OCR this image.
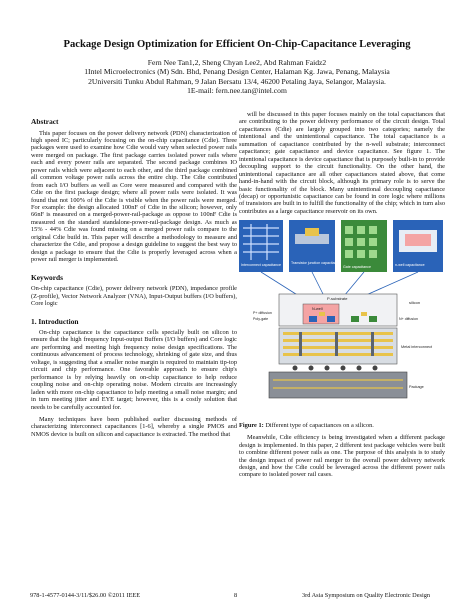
Package Design Optimization for Efficient On-Chip-Capacitance Leveraging
Fern Nee Tan1,2, Sheng Chyan Lee2, Abd Rahman Faidz2
1Intel Microelectronics (M) Sdn. Bhd, Penang Design Center, Halaman Kg. Jawa, Penang, Malaysia
2Universiti Tunku Abdul Rahman, 9 Jalan Bersatu 13/4, 46200 Petaling Jaya, Selangor, Malaysia.
1E-mail: fern.nee.tan@intel.com
Abstract

This paper focuses on the power delivery network (PDN) characterization of high speed IC; particularly focusing on the on-chip capacitance (Cdie). Three packages were used to examine how Cdie would vary when selected power rails were merged on package. The first package carries isolated power rails where each and every power rails are separated. The second package combines IO power rails which were adjacent to each other, and the third package combined all common voltage power rails across the entire chip. The Cdie contributed from each I/O buffers as well as Core were measured and compared with the Cdie on the first package design; where all power rails were isolated. It was found that not 100% of the Cdie is visible when the power rails were merged. For example: the design allocated 100nF of Cdie in the silicon; however, only 66nF is measured on a merged-power-rail-package as oppose to 100nF Cdie is measured on the standard standalone-power-rail-package design. As much as 15% - 44% Cdie was found missing on a merged power rails compare to the original Cdie build in. This paper will describe a methodology to measure and characterize the Cdie, and propose a design guideline to suggest the best way to design a package to ensure that the Cdie is properly leveraged across when a power rail merger is implemented.

Keywords

On-chip capacitance (Cdie), power delivery network (PDN), impedance profile (Z-profile), Vector Network Analyzer (VNA), Input-Output buffers (I/O buffers), Core logic

1. Introduction

On-chip capacitance is the capacitance cells specially built on silicon to ensure that the high frequency Input-output Buffers (I/O buffers) and Core logic are performing and meeting high frequency noise design specifications. The continuous advancement of process technology, shrinking of gate size, and thus voltage, is suggesting that a smaller noise margin is required to maintain tip-top circuit and chip performance. One favorable approach to ensure chip's performance is by relying heavily on on-chip capacitance to help reduce coupling noise and on-chip operating noise. Modern circuits are increasingly laden with more on-chip capacitance to help meeting a small noise margin; and in turn meeting jitter and EYE target; however, this is a costly solution that needs to be carefully accounted for.

Many techniques have been published earlier discussing methods of characterizing interconnect capacitances [1-6], whereby a single PMOS and NMOS device is built on silicon and capacitance is extracted. The method that

will be discussed in this paper focuses mainly on the total capacitances that are contributing to the power delivery performance of the circuit design. Total capacitances (Cdie) are largely grouped into two categories; namely the intentional and the unintentional capacitance. The total capacitance is a summation of capacitance contributed by the n-well substrate; interconnect capacitance; gate capacitance and device capacitance. See figure 1. The intentional capacitance is device capacitance that is purposely built-in to provide decoupling support to the circuit functionality. On the other hand, the unintentional capacitance are all other capacitances stated above, that come hand-in-hand with the circuit block, although its primary role is to serve the basic functionality of the block. Many unintentional decoupling capacitance (decap) or opportunistic capacitance can be found in core logic where millions of transistors are built in to fulfill the functionality of the chip; which in turn also contributes as a large capacitance reservoir on its own.

Interconnect capacitance	Transistor junction capacitance
Gate capacitance	n-well capacitance
P-substrate
N-well
P+ diffusion
Poly-gate	N+ diffusion
silicon
Metal interconnect
Package
Figure 1: Different type of capacitances on a silicon.

Meanwhile, Cdie efficiency is being investigated when a different package design is implemented. In this paper, 2 different test package vehicles were built to combine different power rails as one. The purpose of this analysis is to study the design impact of power rail merger to the overall power delivery network design, and how the Cdie could be leveraged across the different power rails compare to isolated power rail cases.

978-1-4577-0144-3/11/$26.00 ©2011 IEEE	8	3rd Asia Symposium on Quality Electronic Design
